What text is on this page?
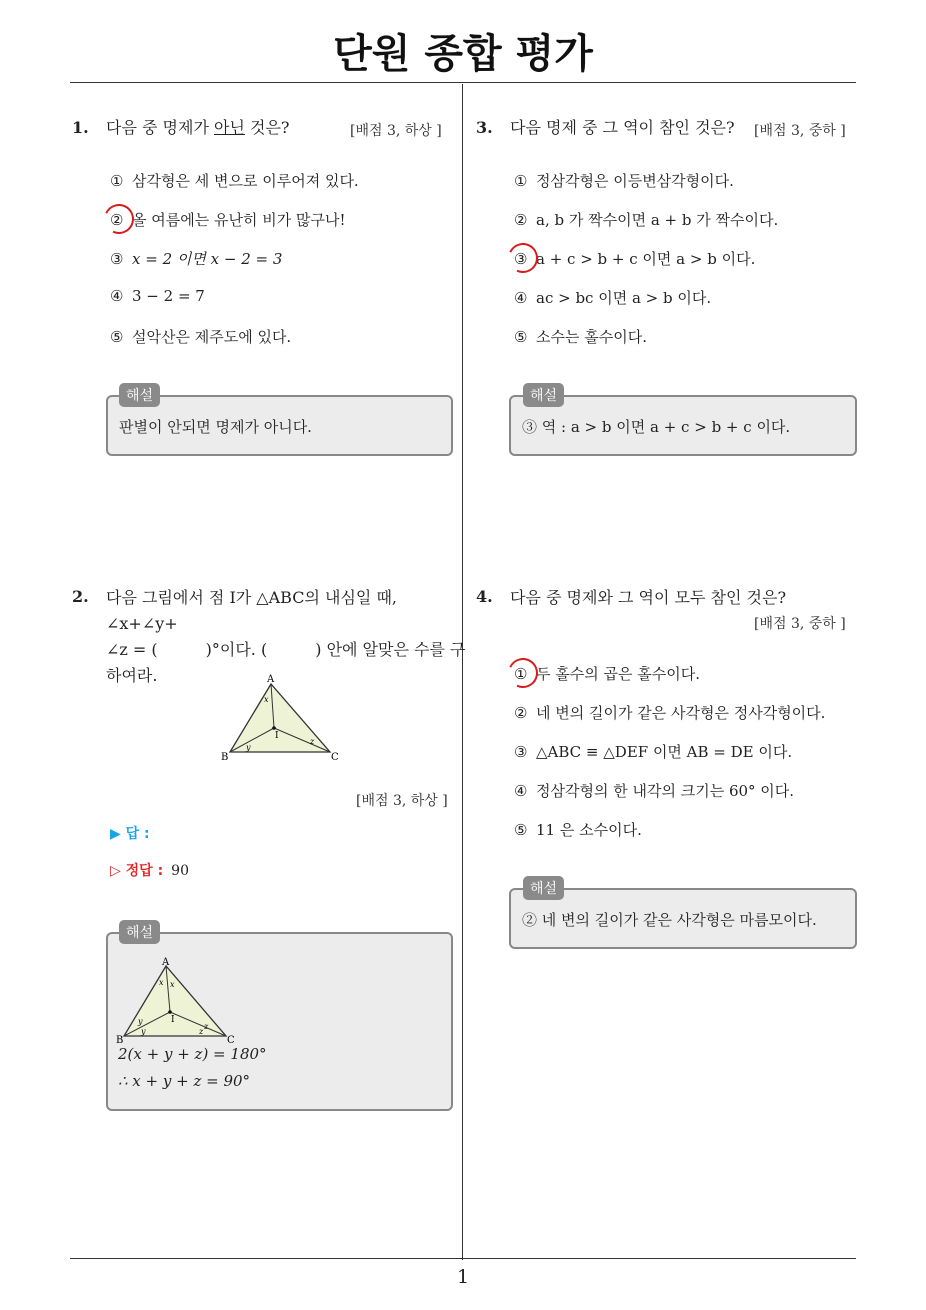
단원 종합 평가
1
1. 다음 중 명제가 아닌 것은?	[배점 3, 하상 ]
① 삼각형은 세 변으로 이루어져 있다.
② 올 여름에는 유난히 비가 많구나!
③ x = 2 이면 x − 2 = 3
④ 3 − 2 = 7
⑤ 설악산은 제주도에 있다.
해설
판별이 안되면 명제가 아니다.
2. 다음 그림에서 점 I가 △ABC의 내심일 때, ∠x+∠y+
∠z = (	)°이다. (	) 안에 알맞은 수를 구
하여라.	A
B	C
I
x
y
z
[배점 3, 하상 ]
▶ 답 :
▷ 정답 : 90
해설
A
B	C
I
x x
y
y
z
z
2(x + y + z) = 180°
∴ x + y + z = 90°
3. 다음 명제 중 그 역이 참인 것은? [배점 3, 중하 ]
① 정삼각형은 이등변삼각형이다.
② a, b 가 짝수이면 a + b 가 짝수이다.
③ a + c > b + c 이면 a > b 이다.
④ ac > bc 이면 a > b 이다.
⑤ 소수는 홀수이다.
해설
③ 역 : a > b 이면 a + c > b + c 이다.
4. 다음 중 명제와 그 역이 모두 참인 것은?
[배점 3, 중하 ]
① 두 홀수의 곱은 홀수이다.
② 네 변의 길이가 같은 사각형은 정사각형이다.
③ △ABC ≡ △DEF 이면 AB = DE 이다.
④ 정삼각형의 한 내각의 크기는 60° 이다.
⑤ 11 은 소수이다.
해설
② 네 변의 길이가 같은 사각형은 마름모이다.
